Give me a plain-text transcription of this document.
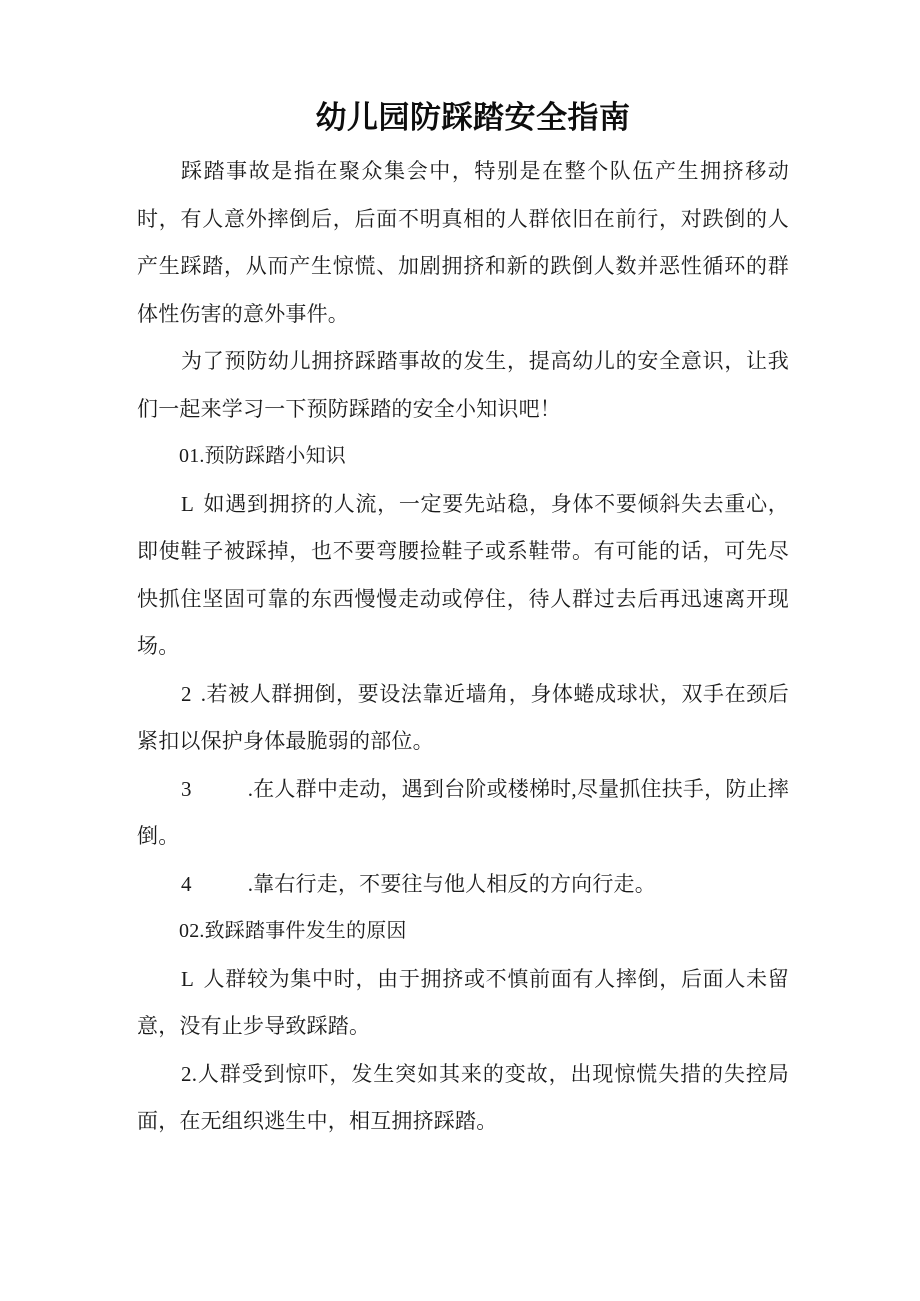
幼儿园防踩踏安全指南

踩踏事故是指在聚众集会中，特别是在整个队伍产生拥挤移动时，有人意外摔倒后，后面不明真相的人群依旧在前行，对跌倒的人产生踩踏，从而产生惊慌、加剧拥挤和新的跌倒人数并恶性循环的群体性伤害的意外事件。

为了预防幼儿拥挤踩踏事故的发生，提高幼儿的安全意识，让我们一起来学习一下预防踩踏的安全小知识吧！

01.预防踩踏小知识

L 如遇到拥挤的人流，一定要先站稳，身体不要倾斜失去重心，即使鞋子被踩掉，也不要弯腰捡鞋子或系鞋带。有可能的话，可先尽快抓住坚固可靠的东西慢慢走动或停住，待人群过去后再迅速离开现场。

2 .若被人群拥倒，要设法靠近墙角，身体蜷成球状，双手在颈后紧扣以保护身体最脆弱的部位。

3	.在人群中走动，遇到台阶或楼梯时,尽量抓住扶手，防止摔倒。

4	.靠右行走，不要往与他人相反的方向行走。

02.致踩踏事件发生的原因

L 人群较为集中时，由于拥挤或不慎前面有人摔倒，后面人未留意，没有止步导致踩踏。

2.人群受到惊吓，发生突如其来的变故，出现惊慌失措的失控局面，在无组织逃生中，相互拥挤踩踏。
